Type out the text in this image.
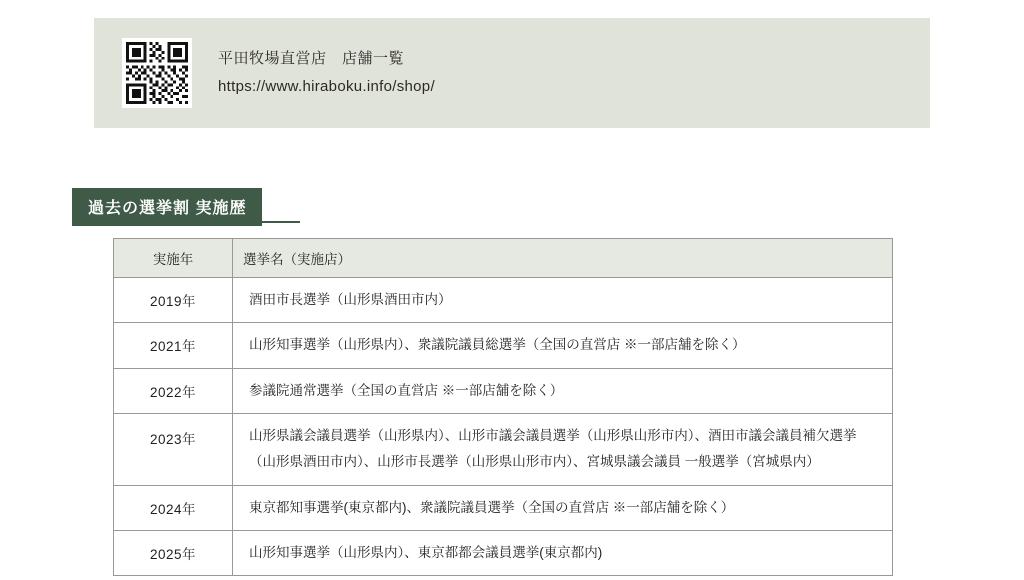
平田牧場直営店　店舗一覧
https://www.hiraboku.info/shop/
過去の選挙割 実施歴
実施年	選挙名（実施店）
2019年	酒田市長選挙（山形県酒田市内）
2021年	山形知事選挙（山形県内）、衆議院議員総選挙（全国の直営店 ※一部店舗を除く）
2022年	参議院通常選挙（全国の直営店 ※一部店舗を除く）
2023年	山形県議会議員選挙（山形県内）、山形市議会議員選挙（山形県山形市内）、酒田市議会議員補欠選挙（山形県酒田市内）、山形市長選挙（山形県山形市内）、宮城県議会議員 一般選挙（宮城県内）
2024年	東京都知事選挙(東京都内)、衆議院議員選挙（全国の直営店 ※一部店舗を除く）
2025年	山形知事選挙（山形県内）、東京都都会議員選挙(東京都内)
